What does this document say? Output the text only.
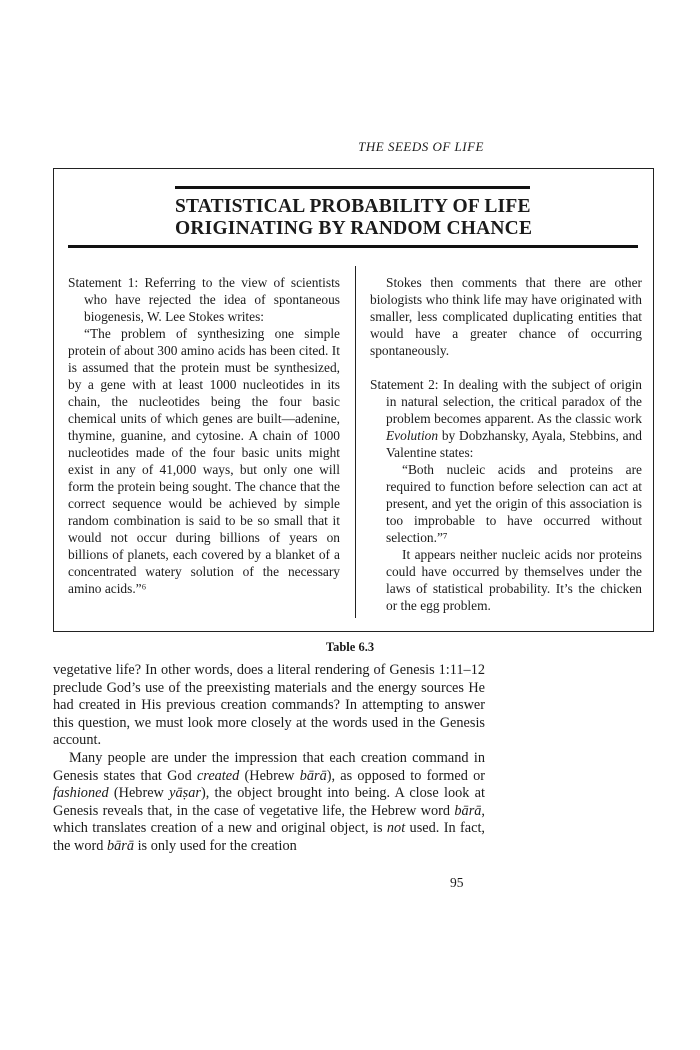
THE SEEDS OF LIFE
STATISTICAL PROBABILITY OF LIFE
ORIGINATING BY RANDOM CHANCE

Statement 1: Referring to the view of scientists who have rejected the idea of spontaneous biogenesis, W. Lee Stokes writes:

“The problem of synthesizing one simple protein of about 300 amino acids has been cited. It is assumed that the protein must be synthesized, by a gene with at least 1000 nucleotides in its chain, the nucleotides being the four basic chemical units of which genes are built—adenine, thymine, guanine, and cytosine. A chain of 1000 nucleotides made of the four basic units might exist in any of 41,000 ways, but only one will form the protein being sought. The chance that the correct sequence would be achieved by simple random combination is said to be so small that it would not occur during billions of years on billions of planets, each covered by a blanket of a concentrated watery solution of the necessary amino acids.”⁶

Stokes then comments that there are other biologists who think life may have originated with smaller, less complicated duplicating entities that would have a greater chance of occurring spontaneously.

Statement 2: In dealing with the subject of origin in natural selection, the critical paradox of the problem becomes apparent. As the classic work Evolution by Dobzhansky, Ayala, Stebbins, and Valentine states:

“Both nucleic acids and proteins are required to function before selection can act at present, and yet the origin of this association is too improbable to have occurred without selection.”⁷

It appears neither nucleic acids nor proteins could have occurred by themselves under the laws of statistical probability. It’s the chicken or the egg problem.

Table 6.3

vegetative life? In other words, does a literal rendering of Genesis 1:11–12 preclude God’s use of the preexisting materials and the energy sources He had created in His previous creation commands? In attempting to answer this question, we must look more closely at the words used in the Genesis account.

Many people are under the impression that each creation command in Genesis states that God created (Hebrew bārā), as opposed to formed or fashioned (Hebrew yāṣar), the object brought into being. A close look at Genesis reveals that, in the case of vegetative life, the Hebrew word bārā, which translates creation of a new and original object, is not used. In fact, the word bārā is only used for the creation

95
